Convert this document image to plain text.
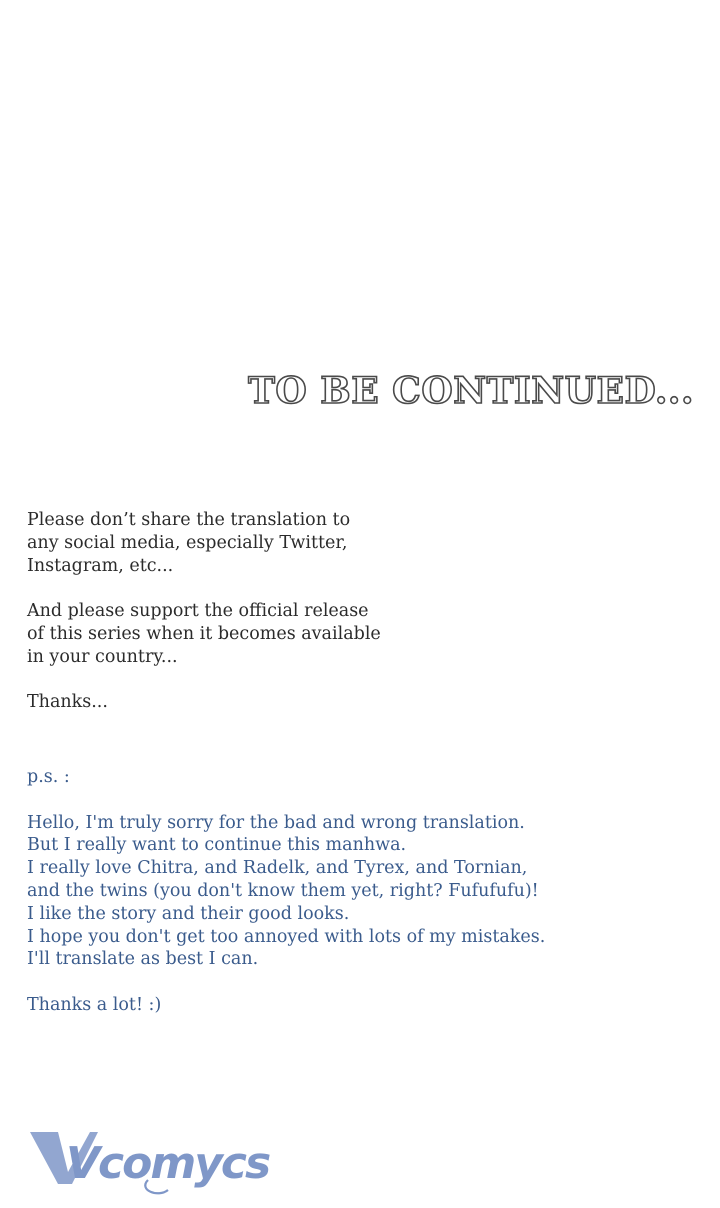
TO BE CONTINUED...
Please don’t share the translation to
any social media, especially Twitter,
Instagram, etc...
And please support the official release
of this series when it becomes available
in your country...
Thanks...
p.s. :
Hello, I'm truly sorry for the bad and wrong translation.
But I really want to continue this manhwa.
I really love Chitra, and Radelk, and Tyrex, and Tornian,
and the twins (you don't know them yet, right? Fufufufu)!
I like the story and their good looks.
I hope you don't get too annoyed with lots of my mistakes.
I'll translate as best I can.
Thanks a lot! :)
Vcomycs
